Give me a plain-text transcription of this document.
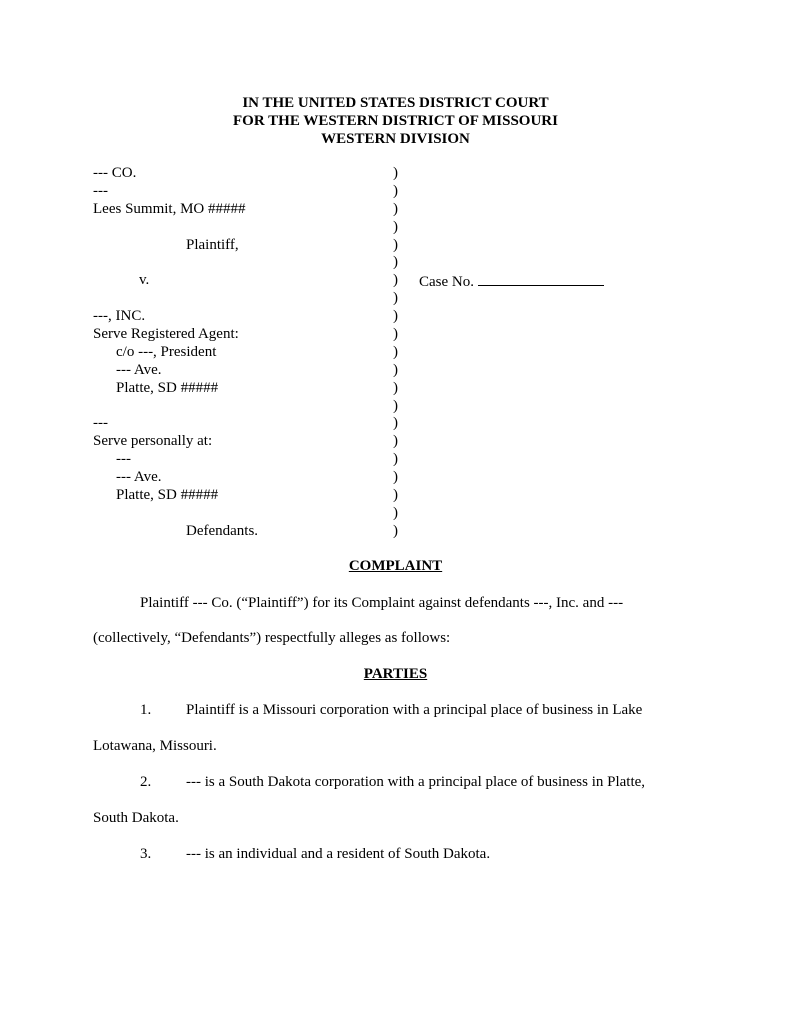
IN THE UNITED STATES DISTRICT COURT
FOR THE WESTERN DISTRICT OF MISSOURI
WESTERN DIVISION
--- CO.	)
---	)
Lees Summit, MO #####	)
)
Plaintiff,	)
)
v.	) Case No.
)
---, INC.	)
Serve Registered Agent:	)
c/o ---, President	)
--- Ave.	)
Platte, SD #####	)
)
---	)
Serve personally at:	)
---	)
--- Ave.	)
Platte, SD #####	)
)
Defendants.	)
COMPLAINT
Plaintiff --- Co. (“Plaintiff”) for its Complaint against defendants ---, Inc. and ---
(collectively, “Defendants”) respectfully alleges as follows:
PARTIES
1. Plaintiff is a Missouri corporation with a principal place of business in Lake
Lotawana, Missouri.
2. --- is a South Dakota corporation with a principal place of business in Platte,
South Dakota.
3. --- is an individual and a resident of South Dakota.
